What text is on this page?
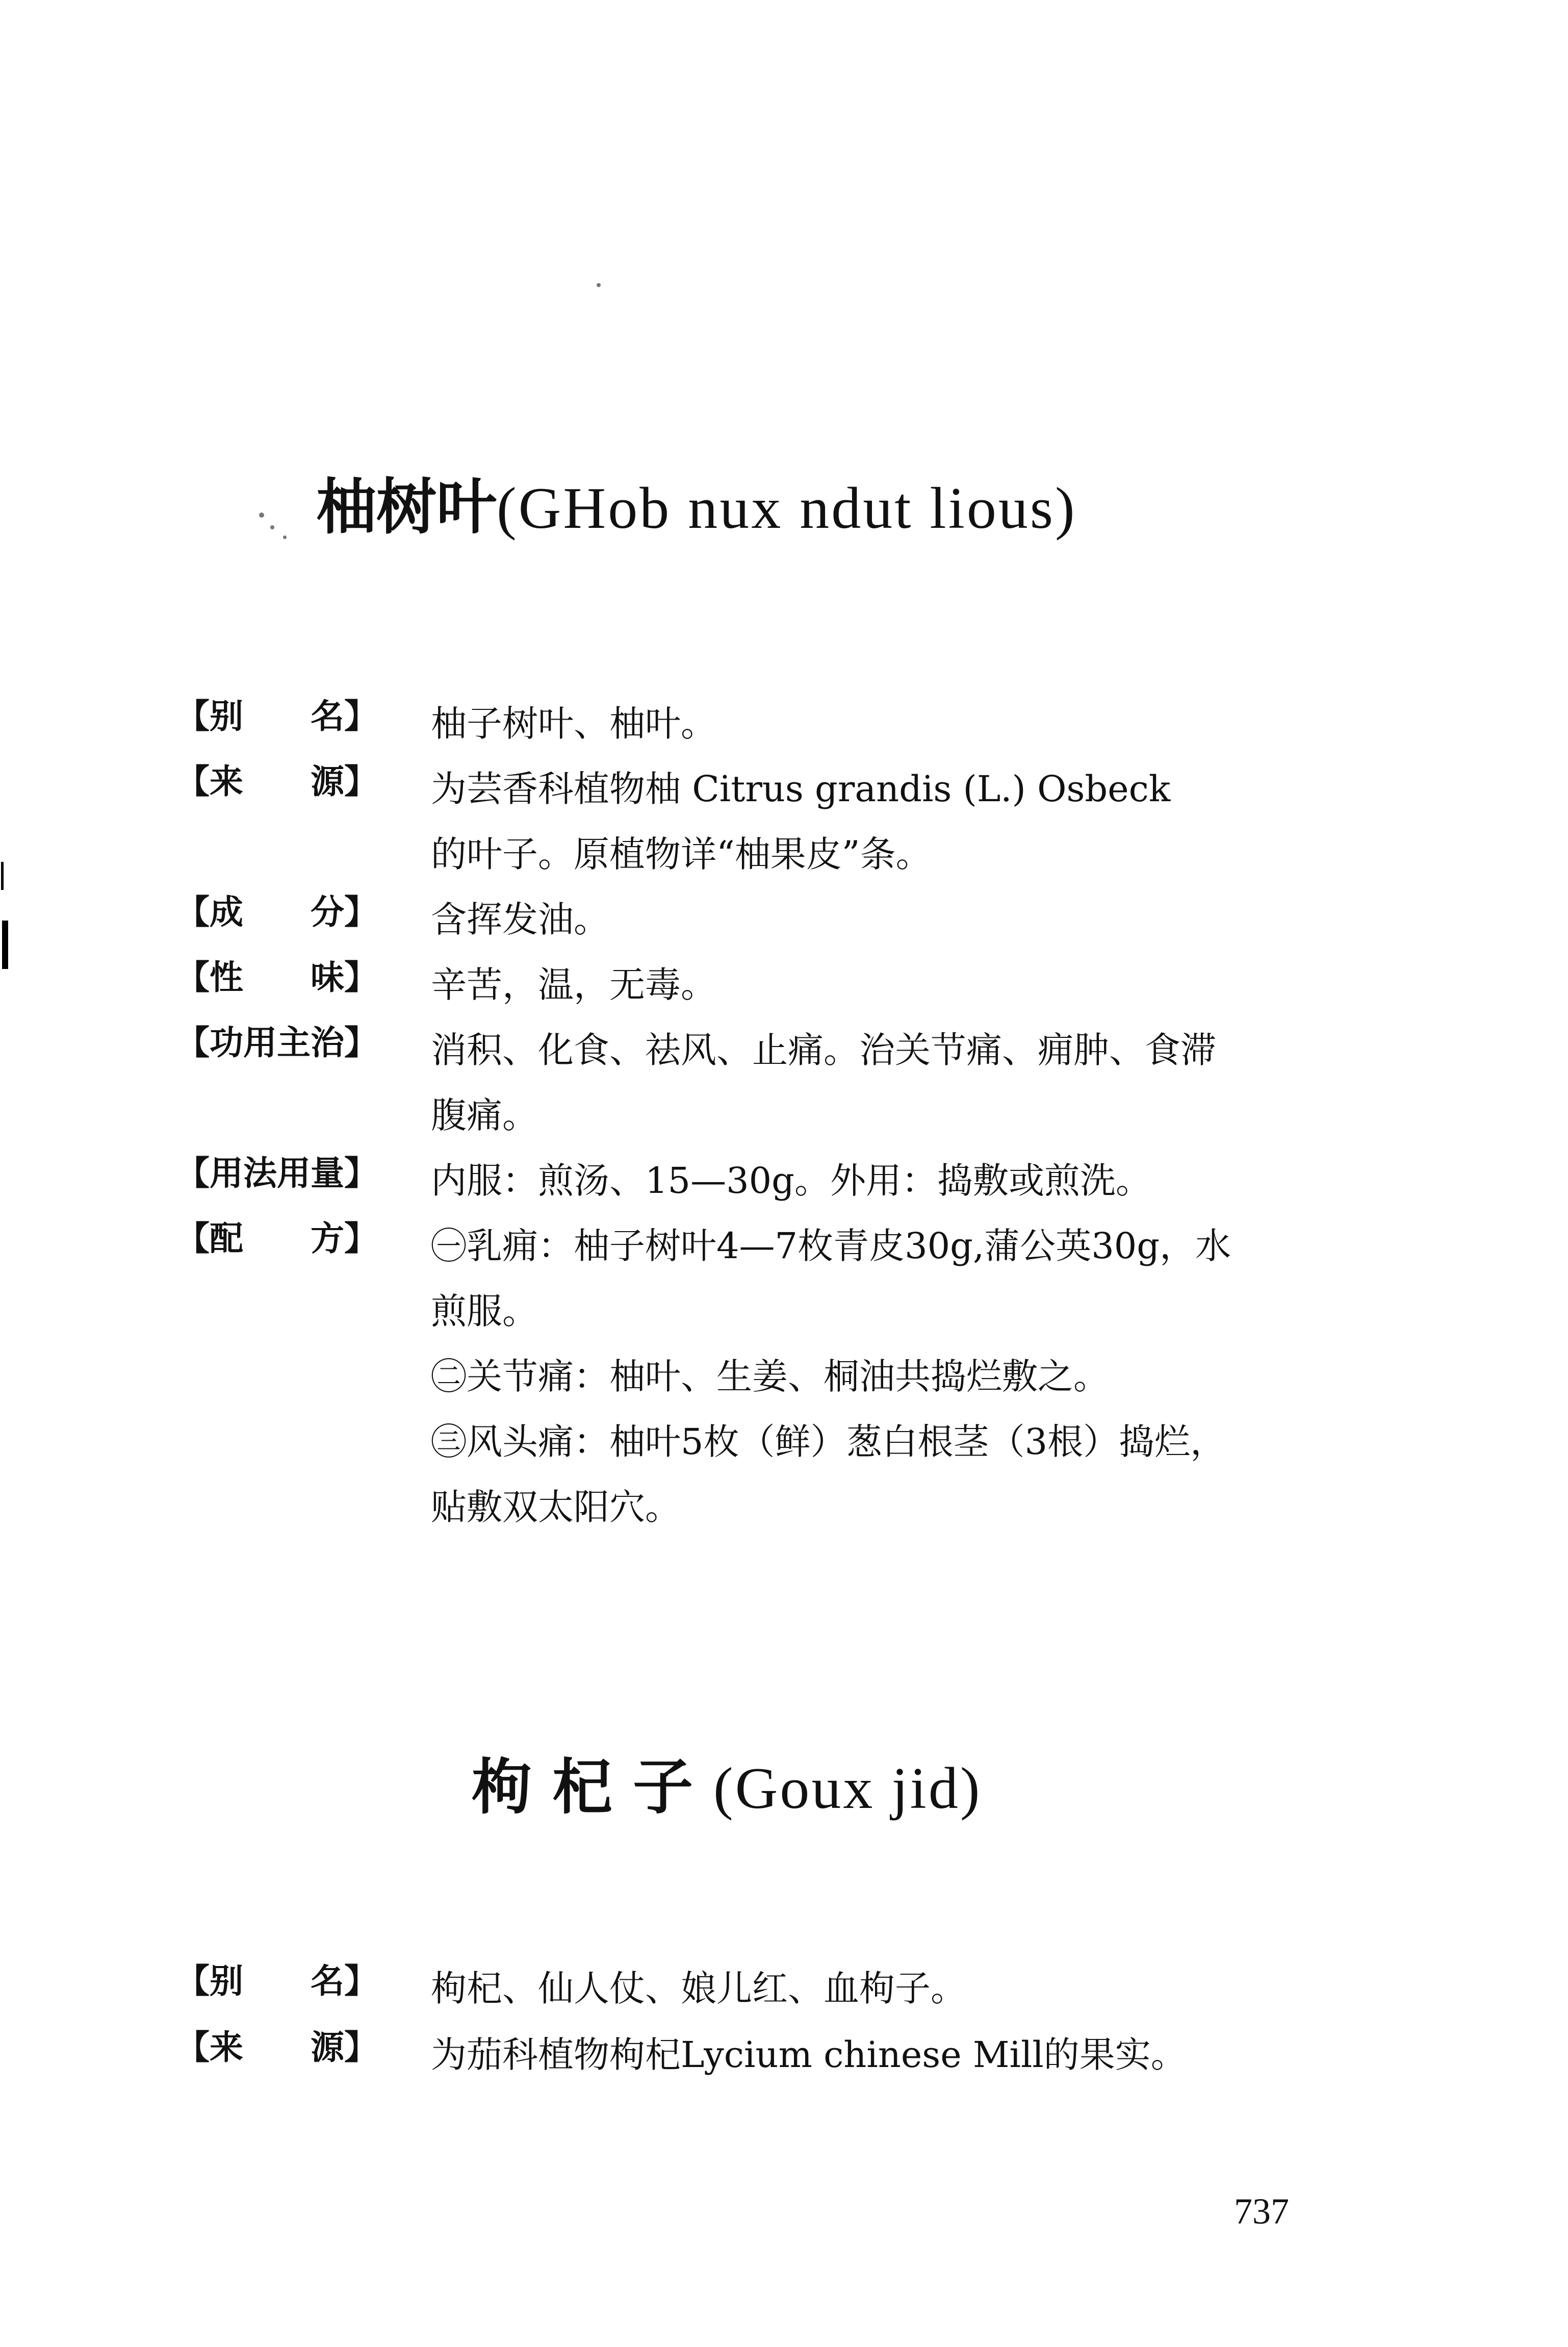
柚树叶(GHob nux ndut lious)
【别　　名】	柚子树叶、柚叶。
【来　　源】	为芸香科植物柚 Citrus grandis (L.) Osbeck
的叶子。原植物详“柚果皮”条。
【成　　分】	含挥发油。
【性　　味】	辛苦，温，无毒。
【功用主治】	消积、化食、祛风、止痛。治关节痛、痈肿、食滞
腹痛。
【用法用量】	内服：煎汤、15—30g。外用：捣敷或煎洗。
【配　　方】	㊀乳痈：柚子树叶4—7枚青皮30g,蒲公英30g，水
煎服。
㊁关节痛：柚叶、生姜、桐油共捣烂敷之。
㊂风头痛：柚叶5枚（鲜）葱白根茎（3根）捣烂，
贴敷双太阳穴。
枸杞子(Goux jid)
【别　　名】	枸杞、仙人仗、娘儿红、血枸子。
【来　　源】	为茄科植物枸杞Lycium chinese Mill的果实。
737
